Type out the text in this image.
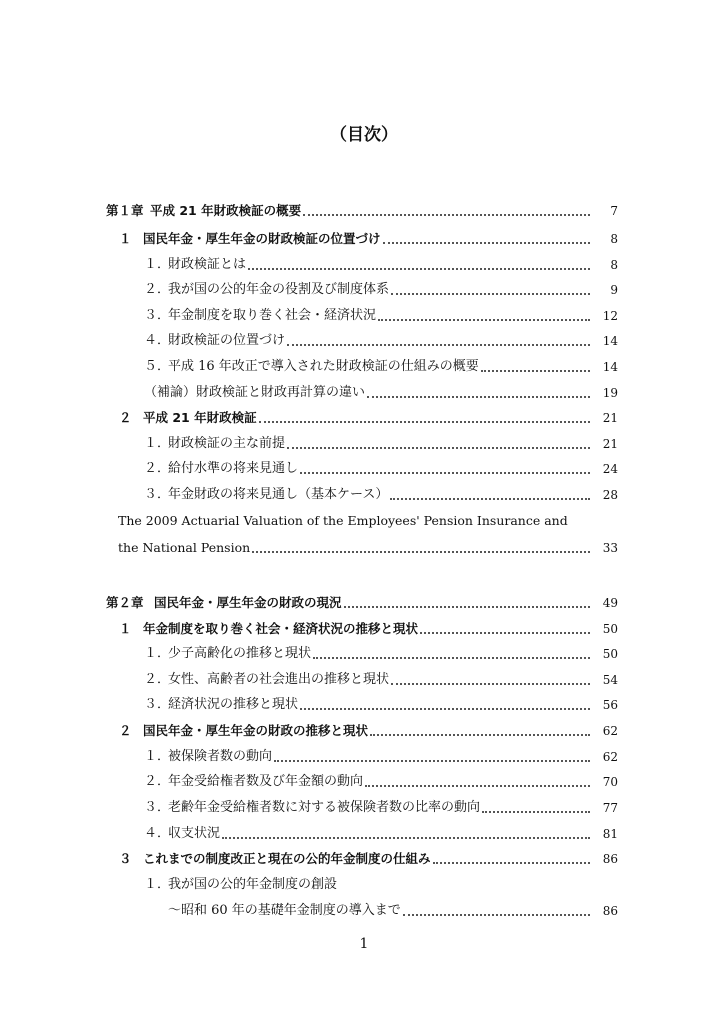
（目次）
第１章 平成 21 年財政検証の概要	7
１ 国民年金・厚生年金の財政検証の位置づけ	8
１．
財政検証とは	8
２．
我が国の公的年金の役割及び制度体系	9
３．
年金制度を取り巻く社会・経済状況	12
４．
財政検証の位置づけ	14
５．
平成 16 年改正で導入された財政検証の仕組みの概要	14
（補論）財政検証と財政再計算の違い	19
２ 平成 21 年財政検証	21
１．
財政検証の主な前提	21
２．
給付水準の将来見通し	24
３．
年金財政の将来見通し（基本ケース）	28
The 2009 Actuarial Valuation of the Employees' Pension Insurance and
the National Pension	33
第２章 国民年金・厚生年金の財政の現況	49
１ 年金制度を取り巻く社会・経済状況の推移と現状	50
１．
少子高齢化の推移と現状	50
２．
女性、高齢者の社会進出の推移と現状	54
３．
経済状況の推移と現状	56
２ 国民年金・厚生年金の財政の推移と現状	62
１．
被保険者数の動向	62
２．
年金受給権者数及び年金額の動向	70
３．
老齢年金受給権者数に対する被保険者数の比率の動向	77
４．
収支状況	81
３ これまでの制度改正と現在の公的年金制度の仕組み	86
１．
我が国の公的年金制度の創設
～昭和 60 年の基礎年金制度の導入まで	86
1
